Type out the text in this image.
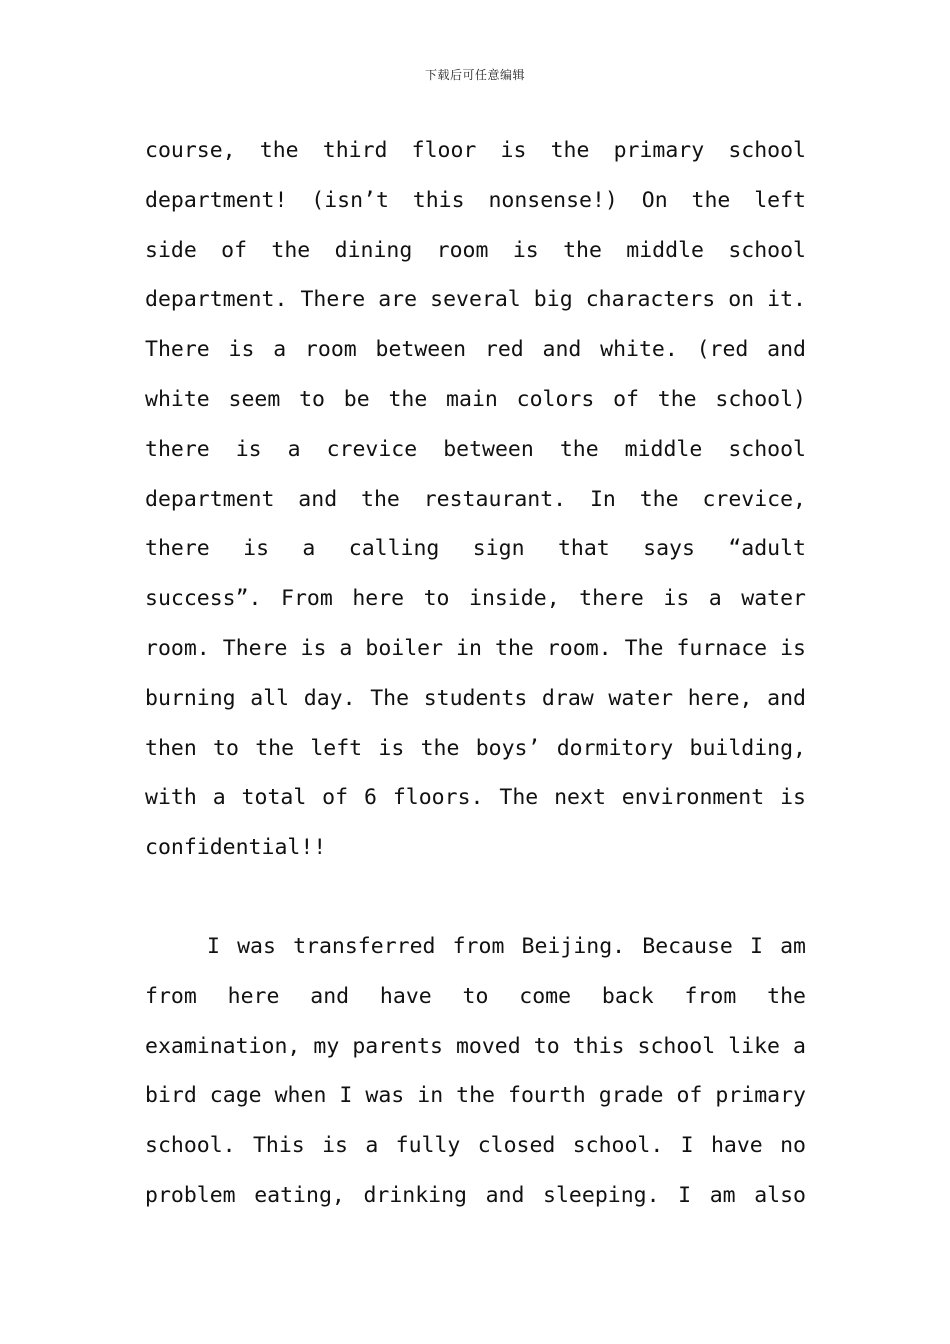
下载后可任意编辑
course, the third floor is the primary school
department! (isn’t this nonsense!) On the left
side of the dining room is the middle school
department. There are several big characters on it.
There is a room between red and white. (red and
white seem to be the main colors of the school)
there is a crevice between the middle school
department and the restaurant. In the crevice,
there is a calling sign that says “adult
success”. From here to inside, there is a water
room. There is a boiler in the room. The furnace is
burning all day. The students draw water here, and
then to the left is the boys’ dormitory building,
with a total of 6 floors. The next environment is
confidential!!
I was transferred from Beijing. Because I am
from here and have to come back from the
examination, my parents moved to this school like a
bird cage when I was in the fourth grade of primary
school. This is a fully closed school. I have no
problem eating, drinking and sleeping. I am also
